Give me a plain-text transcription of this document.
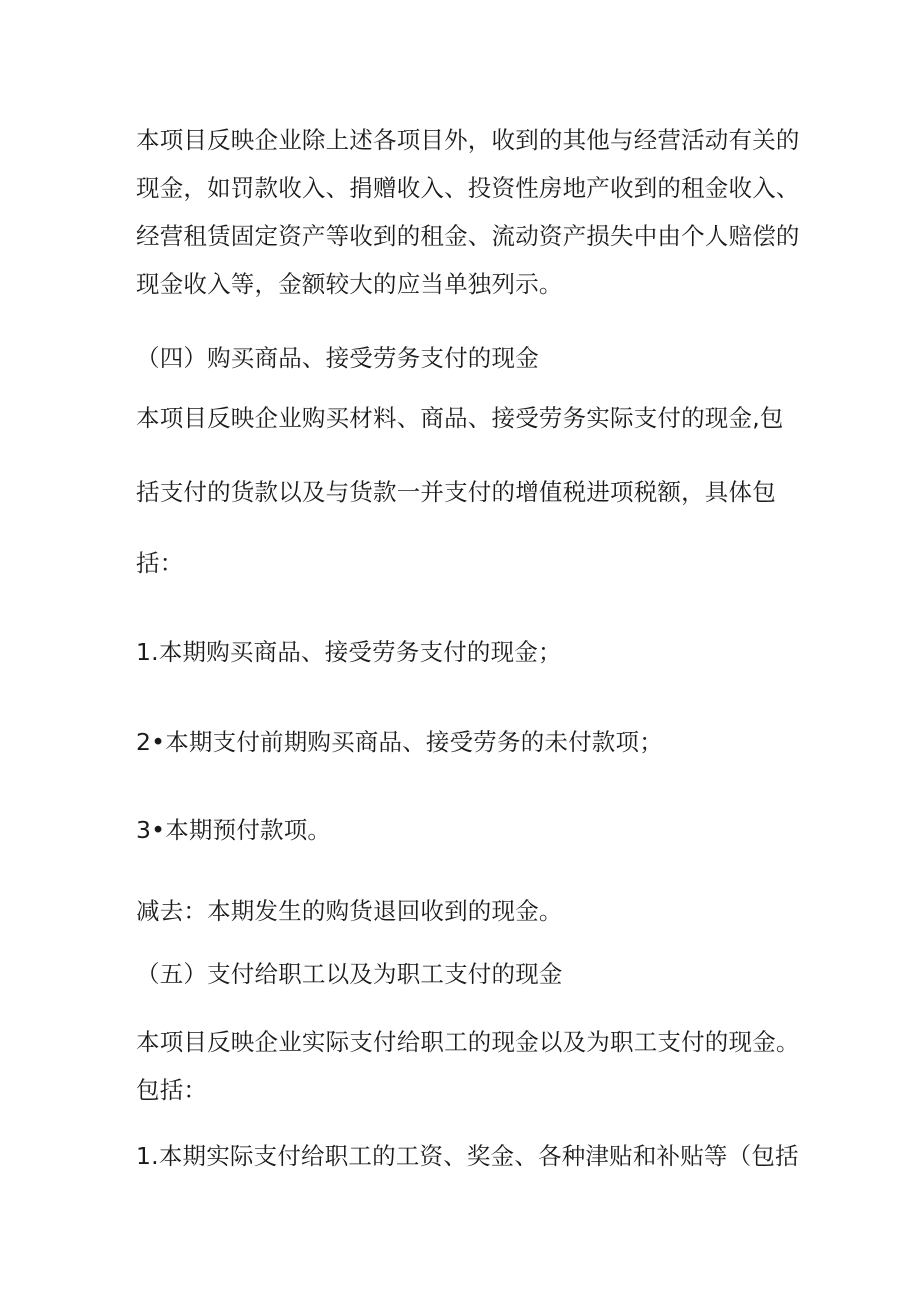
本项目反映企业除上述各项目外，收到的其他与经营活动有关的
现金，如罚款收入、捐赠收入、投资性房地产收到的租金收入、
经营租赁固定资产等收到的租金、流动资产损失中由个人赔偿的
现金收入等，金额较大的应当单独列示。
（四）购买商品、接受劳务支付的现金
本项目反映企业购买材料、商品、接受劳务实际支付的现金,包
括支付的货款以及与货款一并支付的增值税进项税额，具体包
括：
1.本期购买商品、接受劳务支付的现金；
2•本期支付前期购买商品、接受劳务的未付款项；
3•本期预付款项。
减去：本期发生的购货退回收到的现金。
（五）支付给职工以及为职工支付的现金
本项目反映企业实际支付给职工的现金以及为职工支付的现金。
包括：
1.本期实际支付给职工的工资、奖金、各种津贴和补贴等（包括
